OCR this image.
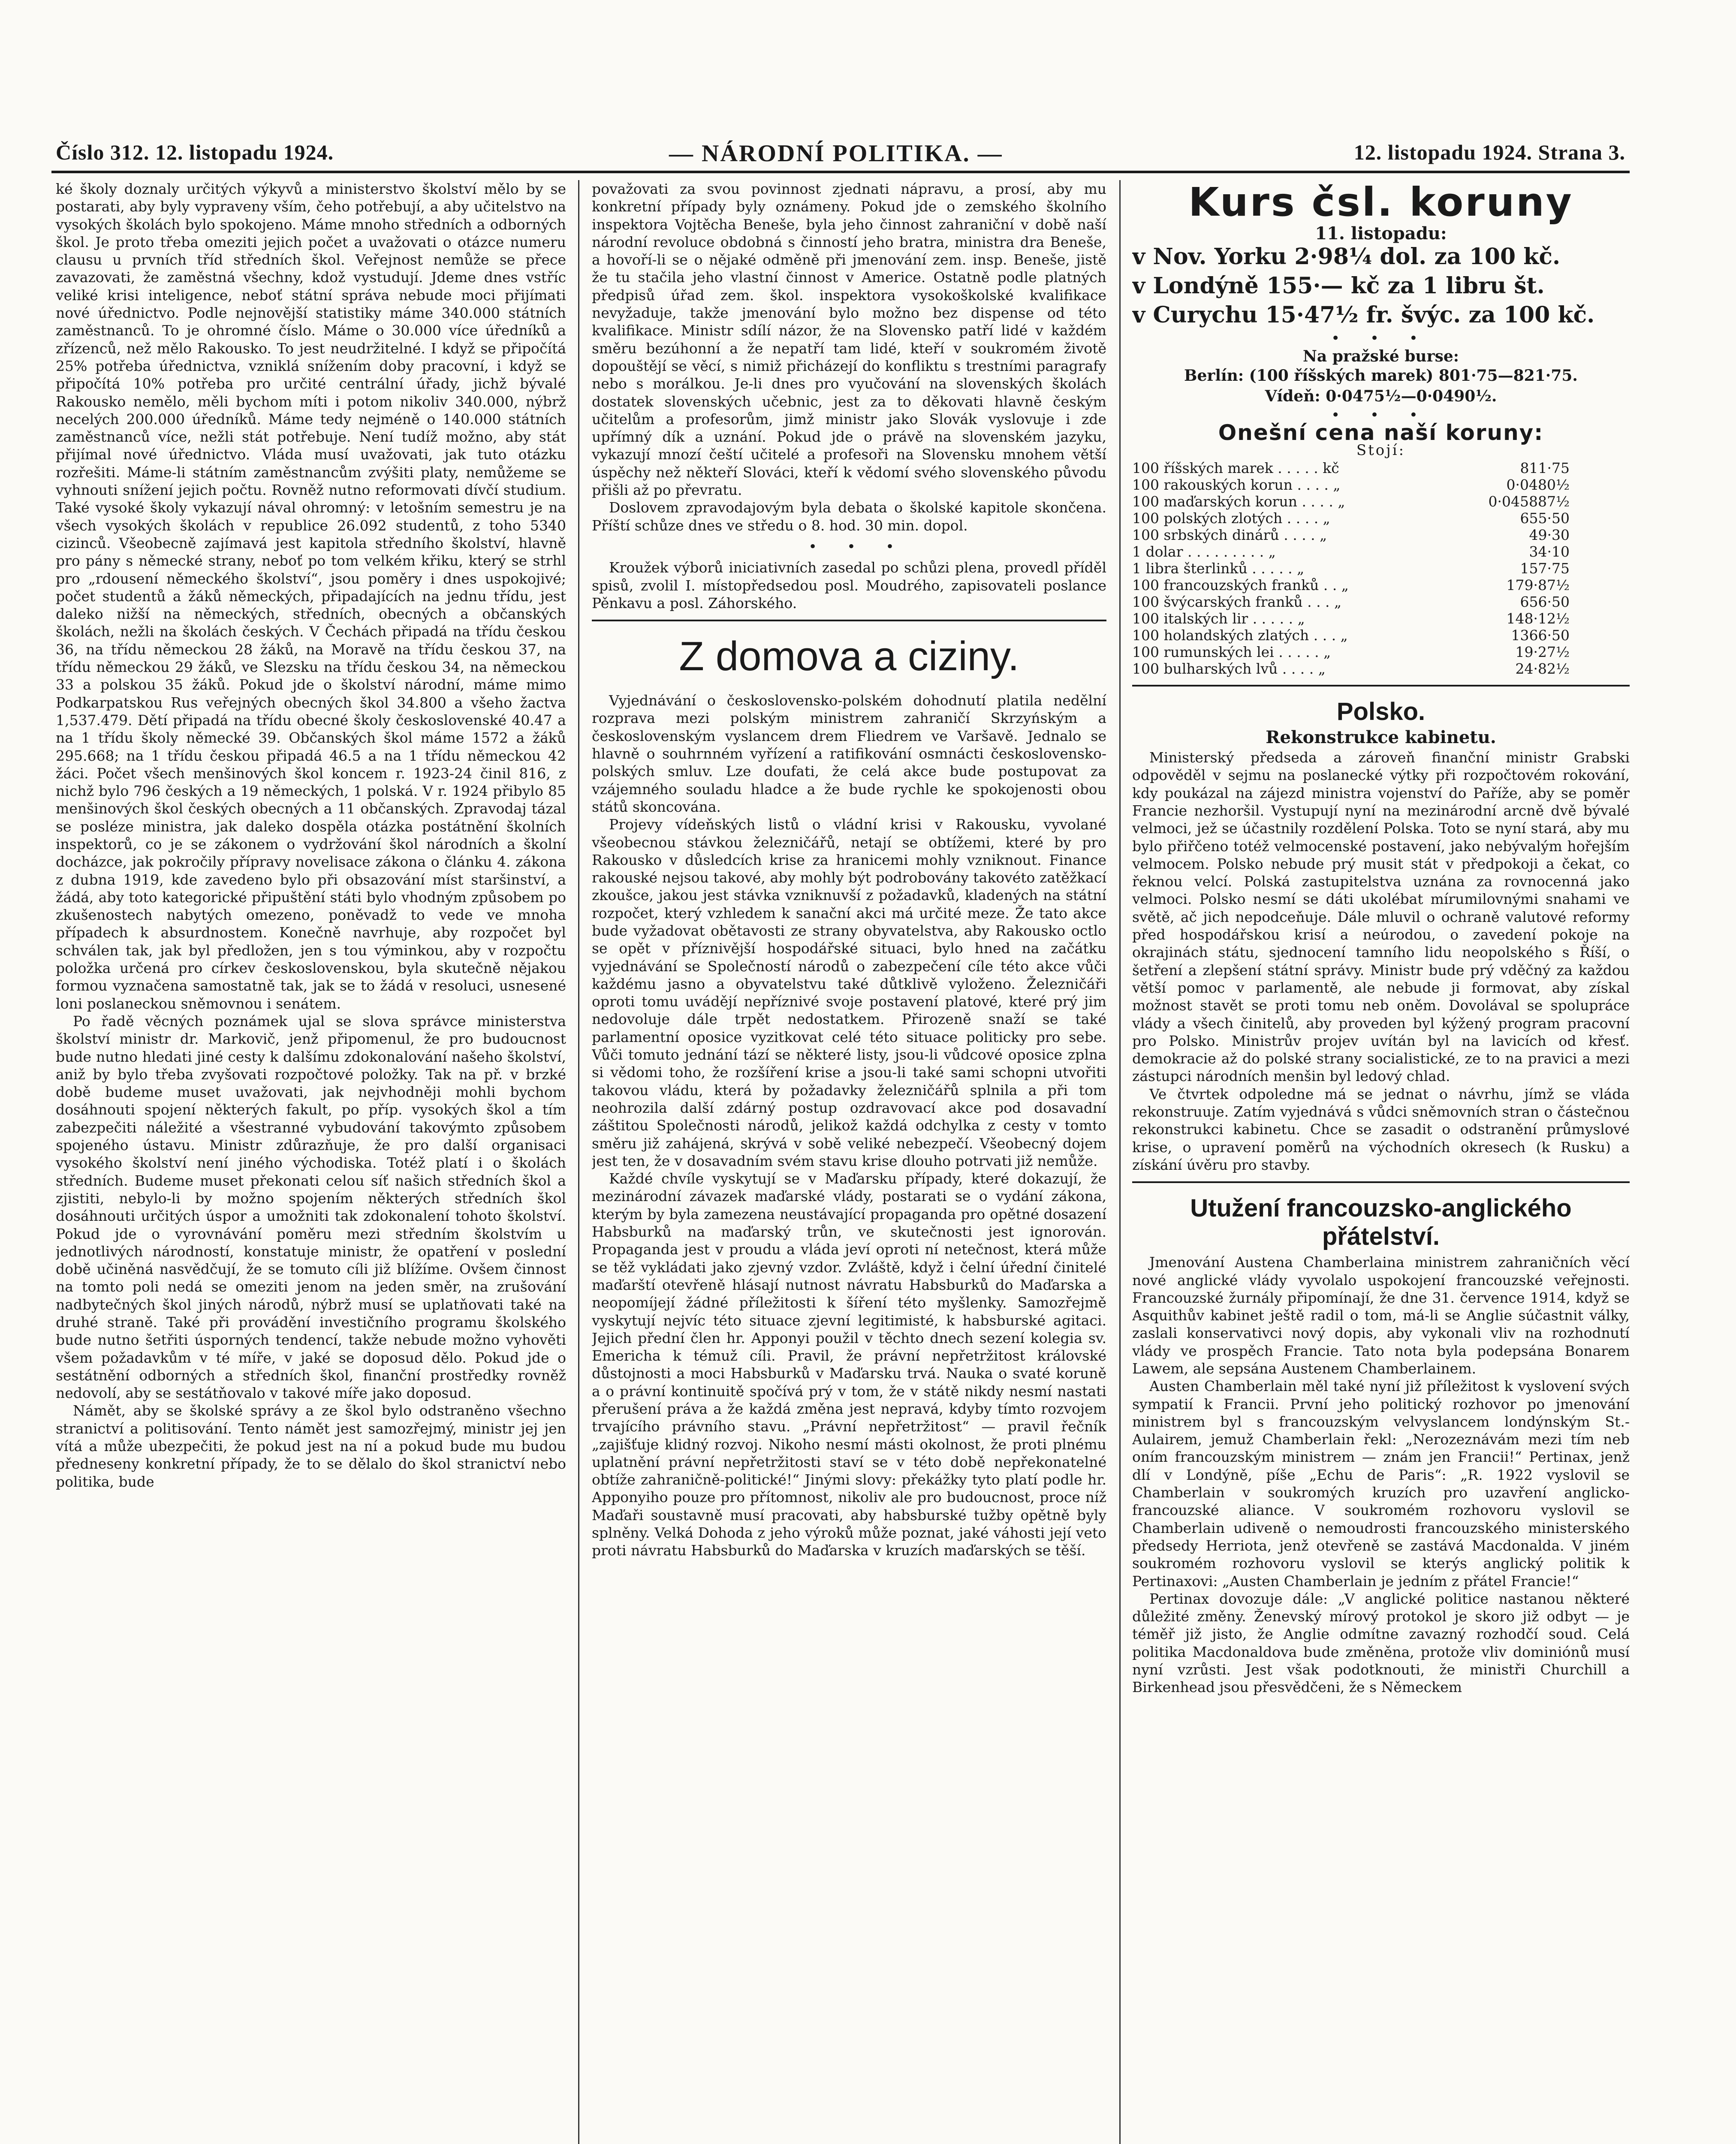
Číslo 312. 12. listopadu 1924.	— NÁRODNÍ POLITIKA. —	12. listopadu 1924. Strana 3.

ké školy doznaly určitých výkyvů a ministerstvo školství mělo by se postarati, aby byly vypraveny vším, čeho potřebují, a aby učitelstvo na vysokých školách bylo spokojeno. Máme mnoho středních a odborných škol. Je proto třeba omeziti jejich počet a uvažovati o otázce numeru clausu u prvních tříd středních škol. Veřejnost nemůže se přece zavazovati, že zaměstná všechny, kdož vystudují. Jdeme dnes vstříc veliké krisi inteligence, neboť státní správa nebude moci přijímati nové úřednictvo. Podle nejnovější statistiky máme 340.000 státních zaměstnanců. To je ohromné číslo. Máme o 30.000 více úředníků a zřízenců, než mělo Rakousko. To jest neudržitelné. I když se připočítá 25% potřeba úřednictva, vzniklá snížením doby pracovní, i když se připočítá 10% potřeba pro určité centrální úřady, jichž bývalé Rakousko nemělo, měli bychom míti i potom nikoliv 340.000, nýbrž necelých 200.000 úředníků. Máme tedy nejméně o 140.000 státních zaměstnanců více, nežli stát potřebuje. Není tudíž možno, aby stát přijímal nové úřednictvo. Vláda musí uvažovati, jak tuto otázku rozřešiti. Máme-li státním zaměstnancům zvýšiti platy, nemůžeme se vyhnouti snížení jejich počtu. Rovněž nutno reformovati dívčí studium. Také vysoké školy vykazují nával ohromný: v letošním semestru je na všech vysokých školách v republice 26.092 studentů, z toho 5340 cizinců. Všeobecně zajímavá jest kapitola středního školství, hlavně pro pány s německé strany, neboť po tom velkém křiku, který se strhl pro „rdousení německého školství“, jsou poměry i dnes uspokojivé; počet studentů a žáků německých, připadajících na jednu třídu, jest daleko nižší na německých, středních, obecných a občanských školách, nežli na školách českých. V Čechách připadá na třídu českou 36, na třídu německou 28 žáků, na Moravě na třídu českou 37, na třídu německou 29 žáků, ve Slezsku na třídu českou 34, na německou 33 a polskou 35 žáků. Pokud jde o školství národní, máme mimo Podkarpatskou Rus veřejných obecných škol 34.800 a všeho žactva 1,537.479. Dětí připadá na třídu obecné školy československé 40.47 a na 1 třídu školy německé 39. Občanských škol máme 1572 a žáků 295.668; na 1 třídu českou připadá 46.5 a na 1 třídu německou 42 žáci. Počet všech menšinových škol koncem r. 1923-24 činil 816, z nichž bylo 796 českých a 19 německých, 1 polská. V r. 1924 přibylo 85 menšinových škol českých obecných a 11 občanských. Zpravodaj tázal se posléze ministra, jak daleko dospěla otázka postátnění školních inspektorů, co je se zákonem o vydržování škol národních a školní docházce, jak pokročily přípravy novelisace zákona o článku 4. zákona z dubna 1919, kde zavedeno bylo při obsazování míst staršinství, a žádá, aby toto kategorické připuštění státi bylo vhodným způsobem po zkušenostech nabytých omezeno, poněvadž to vede ve mnoha případech k absurdnostem. Konečně navrhuje, aby rozpočet byl schválen tak, jak byl předložen, jen s tou výminkou, aby v rozpočtu položka určená pro církev československou, byla skutečně nějakou formou vyznačena samostatně tak, jak se to žádá v resoluci, usnesené loni poslaneckou sněmovnou i senátem.

Po řadě věcných poznámek ujal se slova správce ministerstva školství ministr dr. Markovič, jenž připomenul, že pro budoucnost bude nutno hledati jiné cesty k dalšímu zdokonalování našeho školství, aniž by bylo třeba zvyšovati rozpočtové položky. Tak na př. v brzké době budeme muset uvažovati, jak nejvhodněji mohli bychom dosáhnouti spojení některých fakult, po příp. vysokých škol a tím zabezpečiti náležité a všestranné vybudování takovýmto způsobem spojeného ústavu. Ministr zdůrazňuje, že pro další organisaci vysokého školství není jiného východiska. Totéž platí i o školách středních. Budeme muset překonati celou síť našich středních škol a zjistiti, nebylo-li by možno spojením některých středních škol dosáhnouti určitých úspor a umožniti tak zdokonalení tohoto školství. Pokud jde o vyrovnávání poměru mezi středním školstvím u jednotlivých národností, konstatuje ministr, že opatření v poslední době učiněná nasvědčují, že se tomuto cíli již blížíme. Ovšem činnost na tomto poli nedá se omeziti jenom na jeden směr, na zrušování nadbytečných škol jiných národů, nýbrž musí se uplatňovati také na druhé straně. Také při provádění investičního programu školského bude nutno šetřiti úsporných tendencí, takže nebude možno vyhověti všem požadavkům v té míře, v jaké se doposud dělo. Pokud jde o sestátnění odborných a středních škol, finanční prostředky rovněž nedovolí, aby se sestátňovalo v takové míře jako doposud.

Námět, aby se školské správy a ze škol bylo odstraněno všechno stranictví a politisování. Tento námět jest samozřejmý, ministr jej jen vítá a může ubezpečiti, že pokud jest na ní a pokud bude mu budou předneseny konkretní případy, že to se dělalo do škol stranictví nebo politika, bude

považovati za svou povinnost zjednati nápravu, a prosí, aby mu konkretní případy byly oznámeny. Pokud jde o zemského školního inspektora Vojtěcha Beneše, byla jeho činnost zahraniční v době naší národní revoluce obdobná s činností jeho bratra, ministra dra Beneše, a hovoří-li se o nějaké odměně při jmenování zem. insp. Beneše, jistě že tu stačila jeho vlastní činnost v Americe. Ostatně podle platných předpisů úřad zem. škol. inspektora vysokoškolské kvalifikace nevyžaduje, takže jmenování bylo možno bez dispense od této kvalifikace. Ministr sdílí názor, že na Slovensko patří lidé v každém směru bezúhonní a že nepatří tam lidé, kteří v soukromém životě dopouštějí se věcí, s nimiž přicházejí do konfliktu s trestními paragrafy nebo s morálkou. Je-li dnes pro vyučování na slovenských školách dostatek slovenských učebnic, jest za to děkovati hlavně českým učitelům a profesorům, jimž ministr jako Slovák vyslovuje i zde upřímný dík a uznání. Pokud jde o právě na slovenském jazyku, vykazují mnozí čeští učitelé a profesoři na Slovensku mnohem větší úspěchy než někteří Slováci, kteří k vědomí svého slovenského původu přišli až po převratu.

Doslovem zpravodajovým byla debata o školské kapitole skončena. Příští schůze dnes ve středu o 8. hod. 30 min. dopol.

• • •

Kroužek výborů iniciativních zasedal po schůzi plena, provedl příděl spisů, zvolil I. místopředsedou posl. Moudrého, zapisovateli poslance Pěnkavu a posl. Záhorského.

Z domova a ciziny.

Vyjednávání o československo-polském dohodnutí platila nedělní rozprava mezi polským ministrem zahraničí Skrzyńským a československým vyslancem drem Fliedrem ve Varšavě. Jednalo se hlavně o souhrnném vyřízení a ratifikování osmnácti československo-polských smluv. Lze doufati, že celá akce bude postupovat za vzájemného souladu hladce a že bude rychle ke spokojenosti obou států skoncována.

Projevy vídeňských listů o vládní krisi v Rakousku, vyvolané všeobecnou stávkou železničářů, netají se obtížemi, které by pro Rakousko v důsledcích krise za hranicemi mohly vzniknout. Finance rakouské nejsou takové, aby mohly být podrobovány takovéto zatěžkací zkoušce, jakou jest stávka vzniknuvší z požadavků, kladených na státní rozpočet, který vzhledem k sanační akci má určité meze. Že tato akce bude vyžadovat obětavosti ze strany obyvatelstva, aby Rakousko octlo se opět v příznivější hospodářské situaci, bylo hned na začátku vyjednávání se Společností národů o zabezpečení cíle této akce vůči každému jasno a obyvatelstvu také důtklivě vyloženo. Železničáři oproti tomu uvádějí nepříznivé svoje postavení platové, které prý jim nedovoluje dále trpět nedostatkem. Přirozeně snaží se také parlamentní oposice vyzitkovat celé této situace politicky pro sebe. Vůči tomuto jednání tází se některé listy, jsou-li vůdcové oposice zplna si vědomi toho, že rozšíření krise a jsou-li také sami schopni utvořiti takovou vládu, která by požadavky železničářů splnila a při tom neohrozila další zdárný postup ozdravovací akce pod dosavadní záštitou Společnosti národů, jelikož každá odchylka z cesty v tomto směru již zahájená, skrývá v sobě veliké nebezpečí. Všeobecný dojem jest ten, že v dosavadním svém stavu krise dlouho potrvati již nemůže.

Každé chvíle vyskytují se v Maďarsku případy, které dokazují, že mezinárodní závazek maďarské vlády, postarati se o vydání zákona, kterým by byla zamezena neustávající propaganda pro opětné dosazení Habsburků na maďarský trůn, ve skutečnosti jest ignorován. Propaganda jest v proudu a vláda jeví oproti ní netečnost, která může se těž vykládati jako zjevný vzdor. Zvláště, když i čelní úřední činitelé maďarští otevřeně hlásají nutnost návratu Habsburků do Maďarska a neopomíjejí žádné příležitosti k šíření této myšlenky. Samozřejmě vyskytují nejvíc této situace zjevní legitimisté, k habsburské agitaci. Jejich přední člen hr. Apponyi použil v těchto dnech sezení kolegia sv. Emericha k témuž cíli. Pravil, že právní nepřetržitost královské důstojnosti a moci Habsburků v Maďarsku trvá. Nauka o svaté koruně a o právní kontinuitě spočívá prý v tom, že v státě nikdy nesmí nastati přerušení práva a že každá změna jest nepravá, kdyby tímto rozvojem trvajícího právního stavu. „Právní nepřetržitost“ — pravil řečník „zajišťuje klidný rozvoj. Nikoho nesmí másti okolnost, že proti plnému uplatnění právní nepřetržitosti staví se v této době nepřekonatelné obtíže zahraničně-politické!“ Jinými slovy: překážky tyto platí podle hr. Apponyiho pouze pro přítomnost, nikoliv ale pro budoucnost, proce níž Maďaři soustavně musí pracovati, aby habsburské tužby opětně byly splněny. Velká Dohoda z jeho výroků může poznat, jaké váhosti její veto proti návratu Habsburků do Maďarska v kruzích maďarských se těší.

Kurs čsl. koruny

11. listopadu:

v Nov. Yorku 2·98¼ dol. za 100 kč.

v Londýně 155·— kč za 1 libru št.

v Curychu 15·47½ fr. švýc. za 100 kč.

• • •

Na pražské burse:

Berlín: (100 říšských marek) 801·75—821·75.

Vídeň: 0·0475½—0·0490½.

• • •

Onešní cena naší koruny:

Stojí:

100 říšských marek . . . . . kč	811·75
100 rakouských korun . . . . „	0·0480½
100 maďarských korun . . . . „	0·045887½
100 polských zlotých . . . . „	655·50
100 srbských dinárů . . . . „	49·30
1 dolar . . . . . . . . . „	34·10
1 libra šterlinků . . . . . „	157·75
100 francouzských franků . . „	179·87½
100 švýcarských franků . . . „	656·50
100 italských lir . . . . . „	148·12½
100 holandských zlatých . . . „	1366·50
100 rumunských lei . . . . . „	19·27½
100 bulharských lvů . . . . „	24·82½
Polsko.
Rekonstrukce kabinetu.

Ministerský předseda a zároveň finanční ministr Grabski odpověděl v sejmu na poslanecké výtky při rozpočtovém rokování, kdy poukázal na zájezd ministra vojenství do Paříže, aby se poměr Francie nezhoršil. Vystupují nyní na mezinárodní arcně dvě bývalé velmoci, jež se účastnily rozdělení Polska. Toto se nyní stará, aby mu bylo přiřčeno totéž velmocenské postavení, jako nebývalým hořejším velmocem. Polsko nebude prý musit stát v předpokoji a čekat, co řeknou velcí. Polská zastupitelstva uznána za rovnocenná jako velmoci. Polsko nesmí se dáti ukolébat mírumilovnými snahami ve světě, ač jich nepodceňuje. Dále mluvil o ochraně valutové reformy před hospodářskou krisí a neúrodou, o zavedení pokoje na okrajinách státu, sjednocení tamního lidu neopolského s Říší, o šetření a zlepšení státní správy. Ministr bude prý vděčný za každou větší pomoc v parlamentě, ale nebude ji formovat, aby získal možnost stavět se proti tomu neb oněm. Dovolával se spolupráce vlády a všech činitelů, aby proveden byl kýžený program pracovní pro Polsko. Ministrův projev uvítán byl na lavicích od křesť. demokracie až do polské strany socialistické, ze to na pravici a mezi zástupci národních menšin byl ledový chlad.

Ve čtvrtek odpoledne má se jednat o návrhu, jímž se vláda rekonstruuje. Zatím vyjednává s vůdci sněmovních stran o částečnou rekonstrukci kabinetu. Chce se zasadit o odstranění průmyslové krise, o upravení poměrů na východních okresech (k Rusku) a získání úvěru pro stavby.

Utužení francouzsko-anglického přátelství.

Jmenování Austena Chamberlaina ministrem zahraničních věcí nové anglické vlády vyvolalo uspokojení francouzské veřejnosti. Francouzské žurnály připomínají, že dne 31. července 1914, když se Asquithův kabinet ještě radil o tom, má-li se Anglie súčastnit války, zaslali konservativci nový dopis, aby vykonali vliv na rozhodnutí vlády ve prospěch Francie. Tato nota byla podepsána Bonarem Lawem, ale sepsána Austenem Chamberlainem.

Austen Chamberlain měl také nyní již příležitost k vyslovení svých sympatií k Francii. První jeho politický rozhovor po jmenování ministrem byl s francouzským velvyslancem londýnským St.-Aulairem, jemuž Chamberlain řekl: „Nerozeznávám mezi tím neb oním francouzským ministrem — znám jen Francii!“ Pertinax, jenž dlí v Londýně, píše „Echu de Paris“: „R. 1922 vyslovil se Chamberlain v soukromých kruzích pro uzavření anglicko-francouzské aliance. V soukromém rozhovoru vyslovil se Chamberlain udiveně o nemoudrosti francouzského ministerského předsedy Herriota, jenž otevřeně se zastává Macdonalda. V jiném soukromém rozhovoru vyslovil se kterýs anglický politik k Pertinaxovi: „Austen Chamberlain je jedním z přátel Francie!“

Pertinax dovozuje dále: „V anglické politice nastanou některé důležité změny. Ženevský mírový protokol je skoro již odbyt — je téměř již jisto, že Anglie odmítne zavazný rozhodčí soud. Celá politika Macdonaldova bude změněna, protože vliv dominiónů musí nyní vzrůsti. Jest však podotknouti, že ministři Churchill a Birkenhead jsou přesvědčeni, že s Německem
